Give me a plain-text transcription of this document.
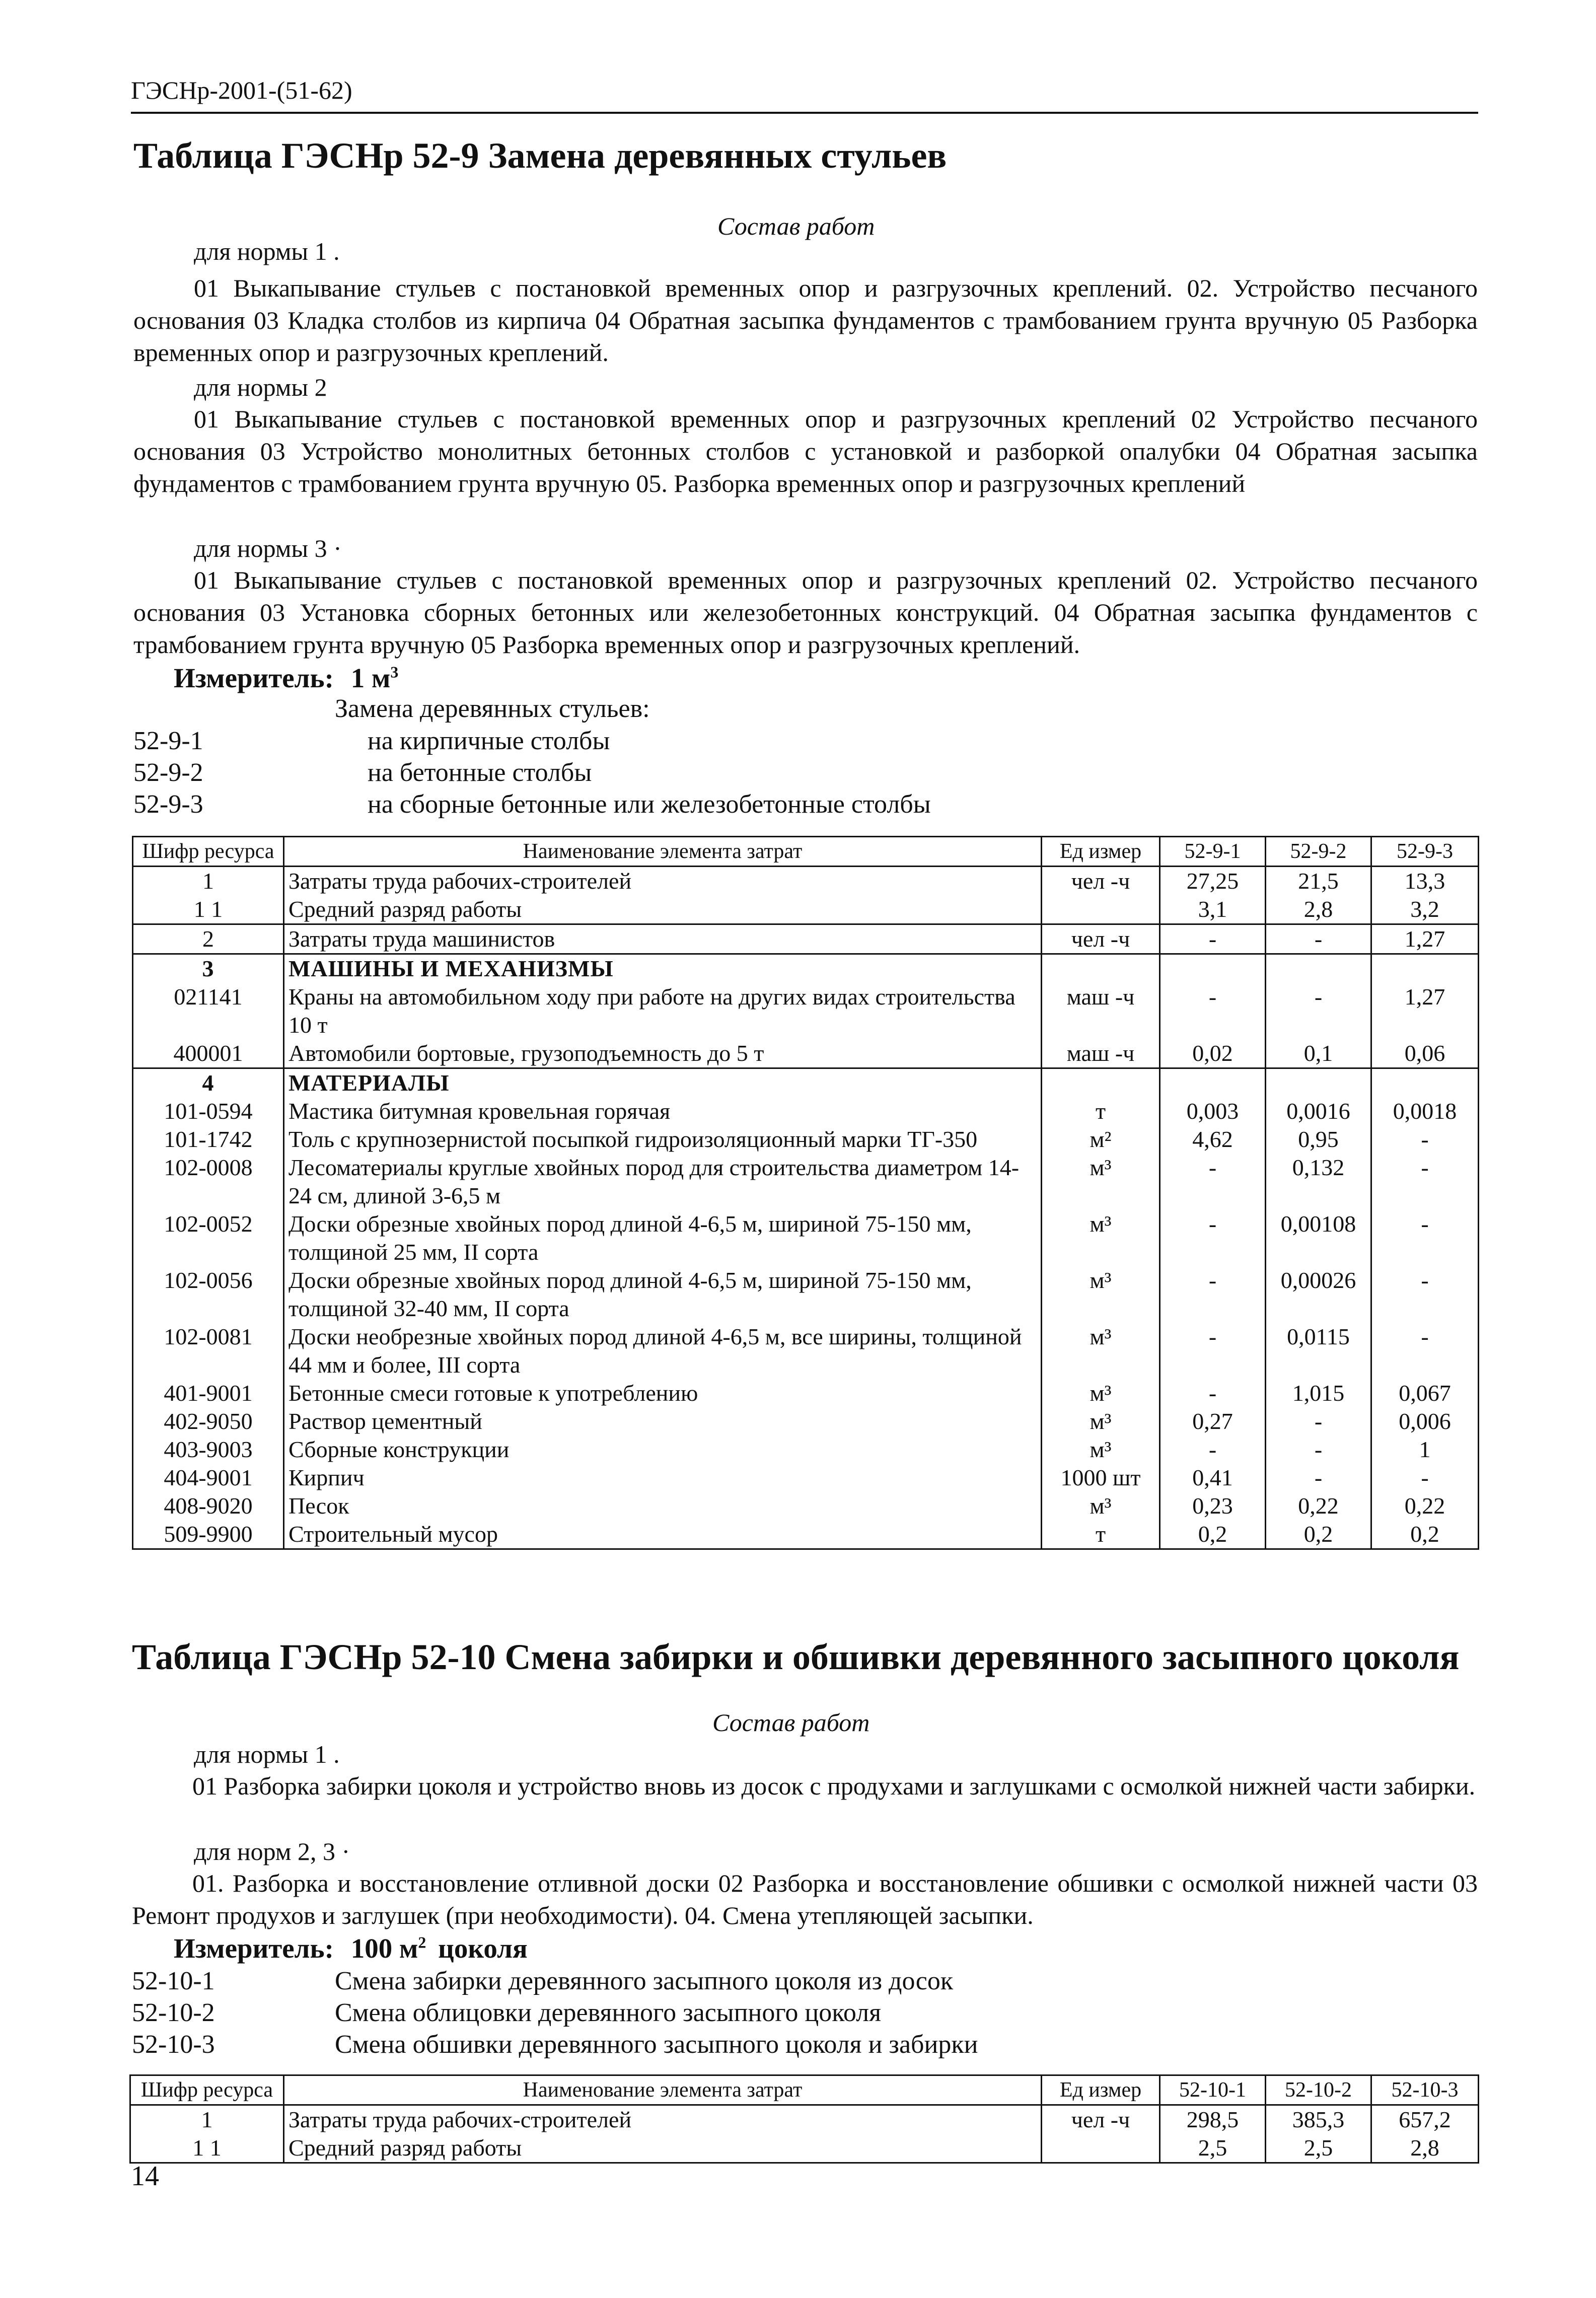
ГЭСНр-2001-(51-62)
Таблица ГЭСНр 52-9 Замена деревянных стульев
Состав работ
для нормы 1 .
01 Выкапывание стульев с постановкой временных опор и разгрузочных креплений. 02. Устройство песчаного основания 03 Кладка столбов из кирпича 04 Обратная засыпка фундаментов с трамбованием грунта вручную 05 Разборка временных опор и разгрузочных креплений.
для нормы 2
01 Выкапывание стульев с постановкой временных опор и разгрузочных креплений 02 Устройство песчаного основания 03 Устройство монолитных бетонных столбов с установкой и разборкой опалубки 04 Обратная засыпка фундаментов с трамбованием грунта вручную 05. Разборка временных опор и разгрузочных креплений
для нормы 3 ·
01 Выкапывание стульев с постановкой временных опор и разгрузочных креплений 02. Устройство песчаного основания 03 Установка сборных бетонных или железобетонных конструкций. 04 Обратная засыпка фундаментов с трамбованием грунта вручную 05 Разборка временных опор и разгрузочных креплений.
Измеритель: 1 $м^3$
Замена деревянных стульев:
52-9-1	на кирпичные столбы
52-9-2	на бетонные столбы
52-9-3	на сборные бетонные или железобетонные столбы
Шифр ресурса	Наименование элемента затрат	Ед измер	52-9-1	52-9-2	52-9-3
1	Затраты труда рабочих-строителей	чел -ч	27,25	21,5	13,3
1 1	Средний разряд работы		3,1	2,8	3,2
2	Затраты труда машинистов	чел -ч	-	-	1,27
3	МАШИНЫ И МЕХАНИЗМЫ				
021141	Краны на автомобильном ходу при работе на других видах строительства 10 т	маш -ч	-	-	1,27
400001	Автомобили бортовые, грузоподъемность до 5 т	маш -ч	0,02	0,1	0,06
4	МАТЕРИАЛЫ				
101-0594	Мастика битумная кровельная горячая	т	0,003	0,0016	0,0018
101-1742	Толь с крупнозернистой посыпкой гидроизоляционный марки ТГ-350	м²	4,62	0,95	-
102-0008	Лесоматериалы круглые хвойных пород для строительства диаметром 14-24 см, длиной 3-6,5 м	м³	-	0,132	-
102-0052	Доски обрезные хвойных пород длиной 4-6,5 м, шириной 75-150 мм, толщиной 25 мм, II сорта	м³	-	0,00108	-
102-0056	Доски обрезные хвойных пород длиной 4-6,5 м, шириной 75-150 мм, толщиной 32-40 мм, II сорта	м³	-	0,00026	-
102-0081	Доски необрезные хвойных пород длиной 4-6,5 м, все ширины, толщиной 44 мм и более, III сорта	м³	-	0,0115	-
401-9001	Бетонные смеси готовые к употреблению	м³	-	1,015	0,067
402-9050	Раствор цементный	м³	0,27	-	0,006
403-9003	Сборные конструкции	м³	-	-	1
404-9001	Кирпич	1000 шт	0,41	-	-
408-9020	Песок	м³	0,23	0,22	0,22
509-9900	Строительный мусор	т	0,2	0,2	0,2
Таблица ГЭСНр 52-10 Смена забирки и обшивки деревянного засыпного цоколя
Состав работ
для нормы 1 .
01 Разборка забирки цоколя и устройство вновь из досок с продухами и заглушками с осмолкой нижней части забирки.
для норм 2, 3 ·
01. Разборка и восстановление отливной доски 02 Разборка и восстановление обшивки с осмолкой нижней части 03 Ремонт продухов и заглушек (при необходимости). 04. Смена утепляющей засыпки.
Измеритель: 100 $м^2$ цоколя
52-10-1	Смена забирки деревянного засыпного цоколя из досок
52-10-2	Смена облицовки деревянного засыпного цоколя
52-10-3	Смена обшивки деревянного засыпного цоколя и забирки
Шифр ресурса	Наименование элемента затрат	Ед измер	52-10-1	52-10-2	52-10-3
1	Затраты труда рабочих-строителей	чел -ч	298,5	385,3	657,2
1 1	Средний разряд работы		2,5	2,5	2,8
14
